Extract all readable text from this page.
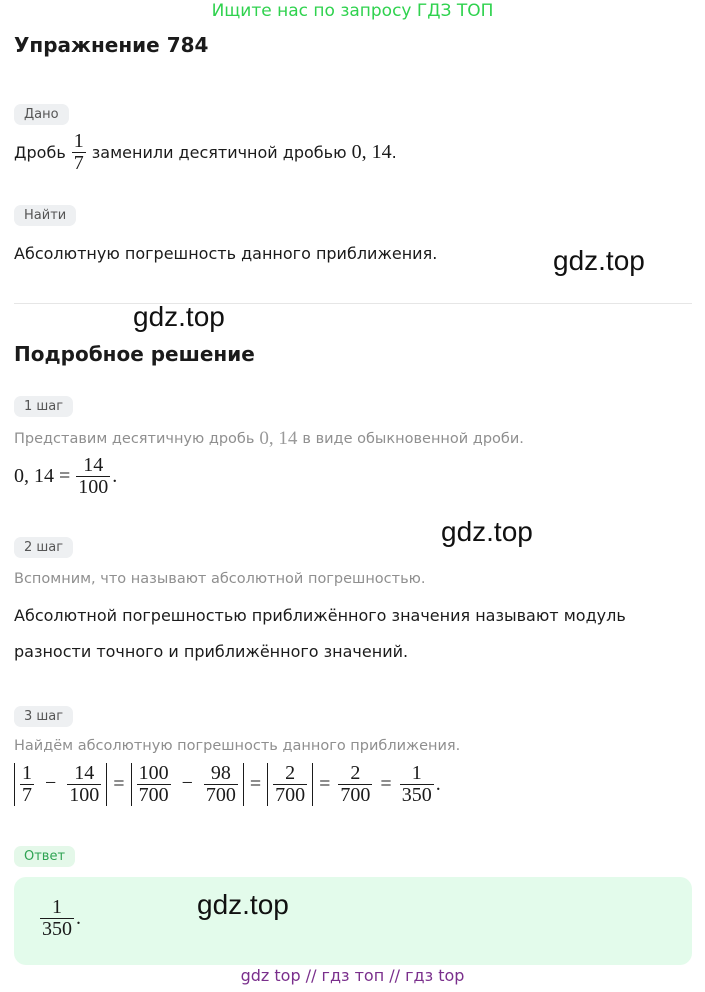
Ищите нас по запросу ГДЗ ТОП
Упражнение 784
Дано
Дробь $\frac{1}{7}$ заменили десятичной дробью 0, 14 .
Найти
Абсолютную погрешность данного приближения.
Подробное решение
1 шаг
Представим десятичную дробь 0, 14 в виде обыкновенной дроби.
0, $14 = \frac{14}{100}$ .
2 шаг
Вспомним, что называют абсолютной погрешностью.
Абсолютной погрешностью приближённого значения называют модуль
разности точного и приближённого значений.
3 шаг
Найдём абсолютную погрешность данного приближения.
$\frac{1}{7} - \frac{14}{100} = \frac{100}{700} - \frac{98}{700} = \frac{2}{700} = \frac{2}{700} = \frac{1}{350}$ .
Ответ
$\frac{1}{350}$ .
gdz.top
gdz.top
gdz.top
gdz.top
gdz top // гдз топ // гдз top
